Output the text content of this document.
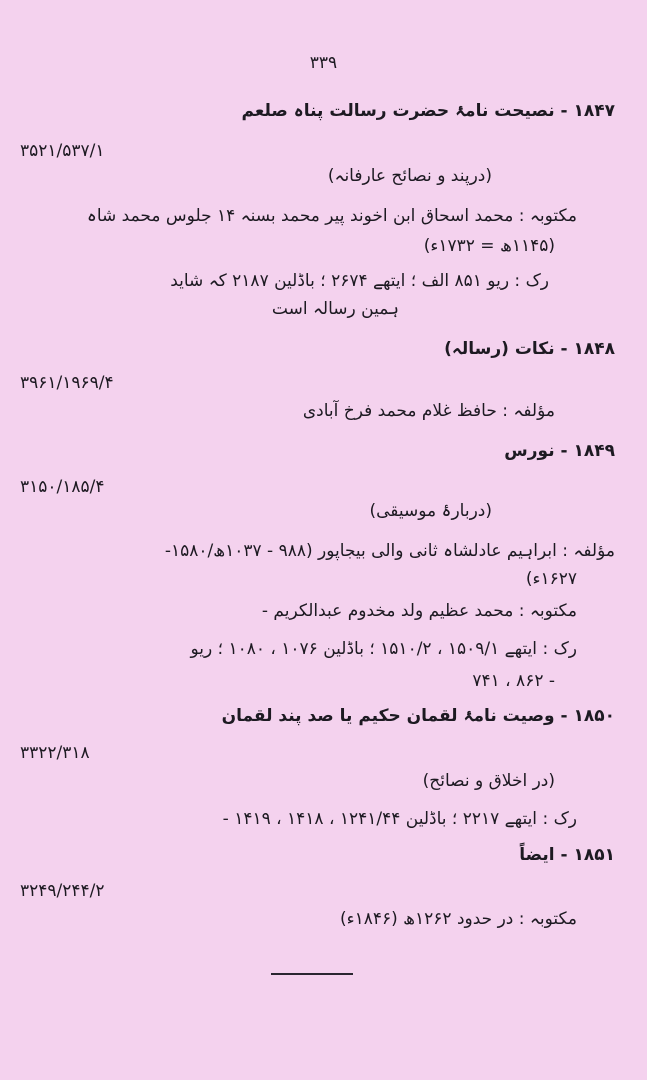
۳۳۹
۱۸۴۷ - نصیحت نامۂ حضرت رسالت پناہ صلعم
۳۵۲۱/۵۳۷/۱
(درپند و نصائح عارفانہ)
مکتوبہ : محمد اسحاق ابن اخوند پیر محمد بسنہ ۱۴ جلوس محمد شاہ
(۱۱۴۵ھ = ۱۷۳۲ء)
رک : ریو ۸۵۱ الف ؛ ایتھے ۲۶۷۴ ؛ باڈلین ۲۱۸۷ کہ شاید
ہمین رسالہ است
۱۸۴۸ - نکات (رسالہ)
۳۹۶۱/۱۹۶۹/۴
مؤلفہ : حافظ غلام محمد فرخ آبادی
۱۸۴۹ - نورس
۳۱۵۰/۱۸۵/۴
(دربارۂ موسیقی)
مؤلفہ : ابراہیم عادلشاہ ثانی والی بیجاپور (۹۸۸ - ۱۰۳۷ھ/۱۵۸۰-
۱۶۲۷ء)
مکتوبہ : محمد عظیم ولد مخدوم عبدالکریم -
رک : ایتھے ۱۵۰۹/۱ ، ۱۵۱۰/۲ ؛ باڈلین ۱۰۷۶ ، ۱۰۸۰ ؛ ریو
۷۴۱ ، ۸۶۲ -
۱۸۵۰ - وصیت نامۂ لقمان حکیم یا صد پند لقمان
۳۳۲۲/۳۱۸
(در اخلاق و نصائح)
رک : ایتھے ۲۲۱۷ ؛ باڈلین ۱۲۴۱/۴۴ ، ۱۴۱۸ ، ۱۴۱۹ -
۱۸۵۱ - ایضاً
۳۲۴۹/۲۴۴/۲
مکتوبہ : در حدود ۱۲۶۲ھ (۱۸۴۶ء)
